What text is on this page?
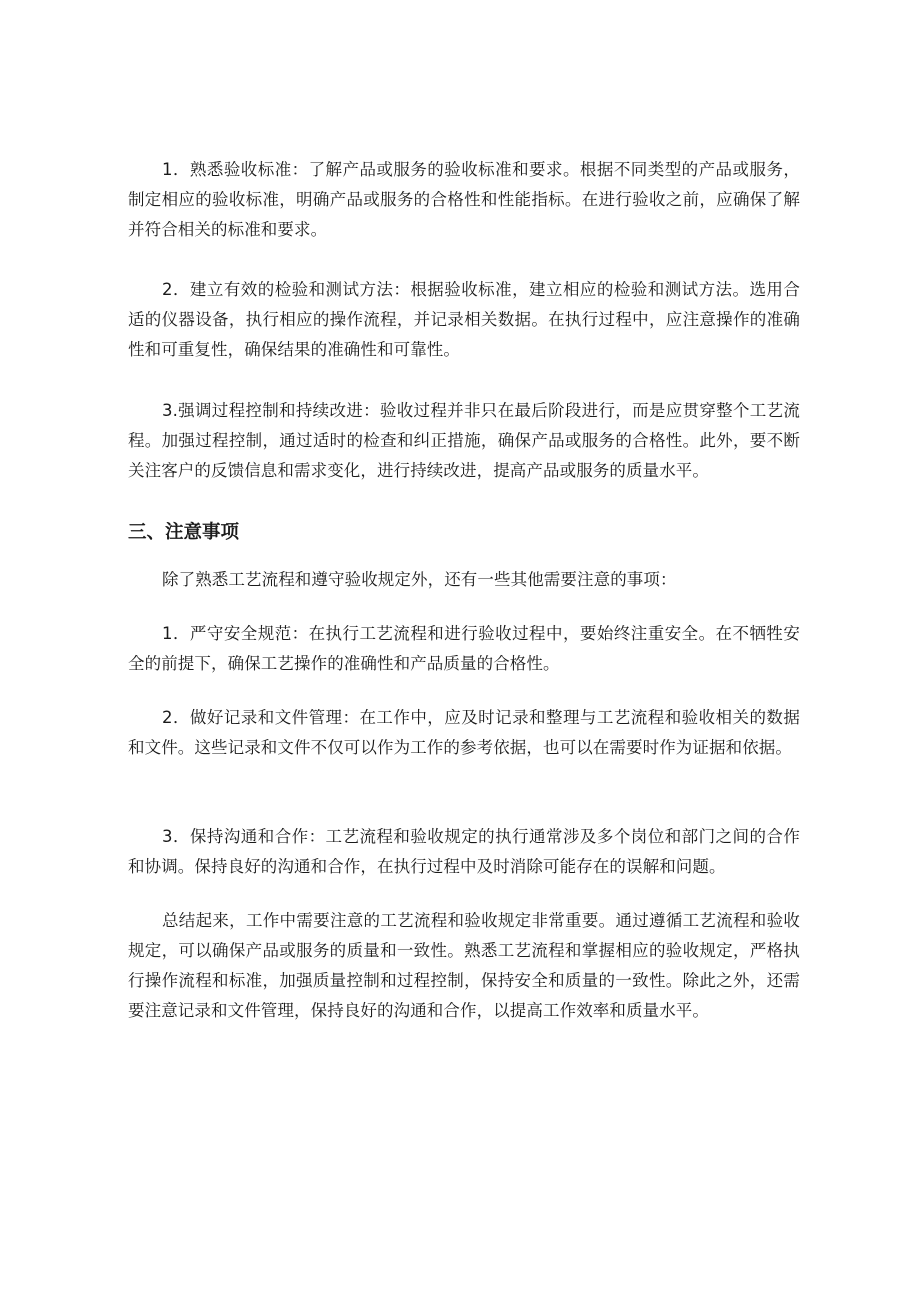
1．熟悉验收标准：了解产品或服务的验收标准和要求。根据不同类型的产品或服务，制定相应的验收标准，明确产品或服务的合格性和性能指标。在进行验收之前，应确保了解并符合相关的标准和要求。

2．建立有效的检验和测试方法：根据验收标准，建立相应的检验和测试方法。选用合适的仪器设备，执行相应的操作流程，并记录相关数据。在执行过程中，应注意操作的准确性和可重复性，确保结果的准确性和可靠性。

3.强调过程控制和持续改进：验收过程并非只在最后阶段进行，而是应贯穿整个工艺流程。加强过程控制，通过适时的检查和纠正措施，确保产品或服务的合格性。此外，要不断关注客户的反馈信息和需求变化，进行持续改进，提高产品或服务的质量水平。

三、注意事项

除了熟悉工艺流程和遵守验收规定外，还有一些其他需要注意的事项：

1．严守安全规范：在执行工艺流程和进行验收过程中，要始终注重安全。在不牺牲安全的前提下，确保工艺操作的准确性和产品质量的合格性。

2．做好记录和文件管理：在工作中，应及时记录和整理与工艺流程和验收相关的数据和文件。这些记录和文件不仅可以作为工作的参考依据，也可以在需要时作为证据和依据。

3．保持沟通和合作：工艺流程和验收规定的执行通常涉及多个岗位和部门之间的合作和协调。保持良好的沟通和合作，在执行过程中及时消除可能存在的误解和问题。

总结起来，工作中需要注意的工艺流程和验收规定非常重要。通过遵循工艺流程和验收规定，可以确保产品或服务的质量和一致性。熟悉工艺流程和掌握相应的验收规定，严格执行操作流程和标准，加强质量控制和过程控制，保持安全和质量的一致性。除此之外，还需要注意记录和文件管理，保持良好的沟通和合作，以提高工作效率和质量水平。
